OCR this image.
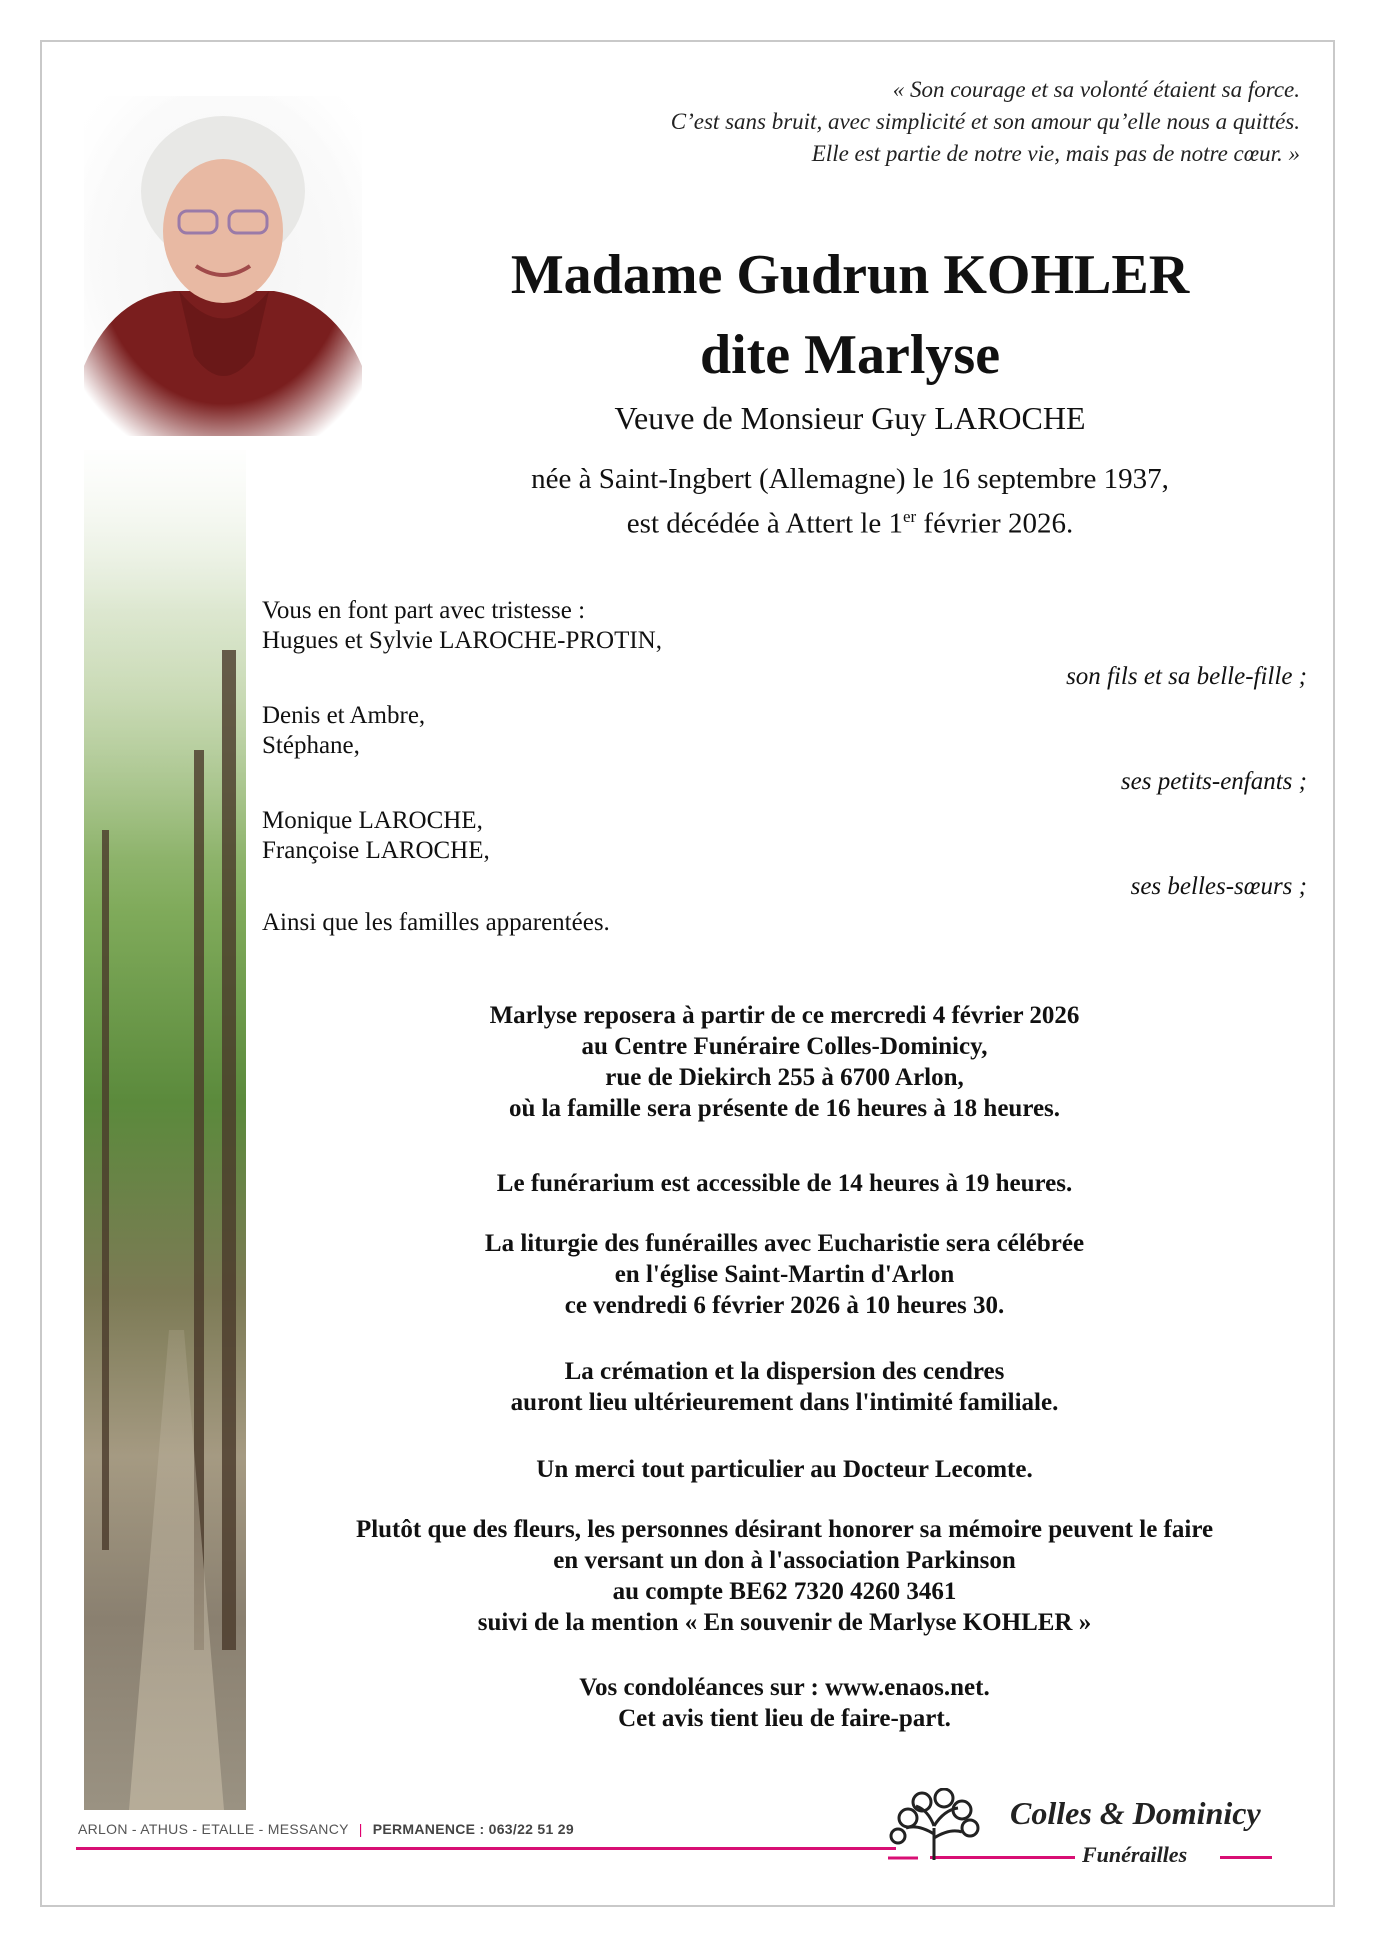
« Son courage et sa volonté étaient sa force.
C’est sans bruit, avec simplicité et son amour qu’elle nous a quittés.
Elle est partie de notre vie, mais pas de notre cœur. »
Madame Gudrun KOHLER
dite Marlyse
Veuve de Monsieur Guy LAROCHE
née à Saint-Ingbert (Allemagne) le 16 septembre 1937,
est décédée à Attert le 1er février 2026.
Vous en font part avec tristesse :
Hugues et Sylvie LAROCHE-PROTIN,
son fils et sa belle-fille ;
Denis et Ambre,
Stéphane,
ses petits-enfants ;
Monique LAROCHE,
Françoise LAROCHE,
ses belles-sœurs ;
Ainsi que les familles apparentées.
Marlyse reposera à partir de ce mercredi 4 février 2026
au Centre Funéraire Colles-Dominicy,
rue de Diekirch 255 à 6700 Arlon,
où la famille sera présente de 16 heures à 18 heures.
Le funérarium est accessible de 14 heures à 19 heures.
La liturgie des funérailles avec Eucharistie sera célébrée
en l'église Saint-Martin d'Arlon
ce vendredi 6 février 2026 à 10 heures 30.
La crémation et la dispersion des cendres
auront lieu ultérieurement dans l'intimité familiale.
Un merci tout particulier au Docteur Lecomte.
Plutôt que des fleurs, les personnes désirant honorer sa mémoire peuvent le faire
en versant un don à l'association Parkinson
au compte BE62 7320 4260 3461
suivi de la mention « En souvenir de Marlyse KOHLER »
Vos condoléances sur : www.enaos.net.
Cet avis tient lieu de faire-part.
ARLON - ATHUS - ETALLE - MESSANCY | PERMANENCE : 063/22 51 29	Colles & Dominicy
Funérailles
